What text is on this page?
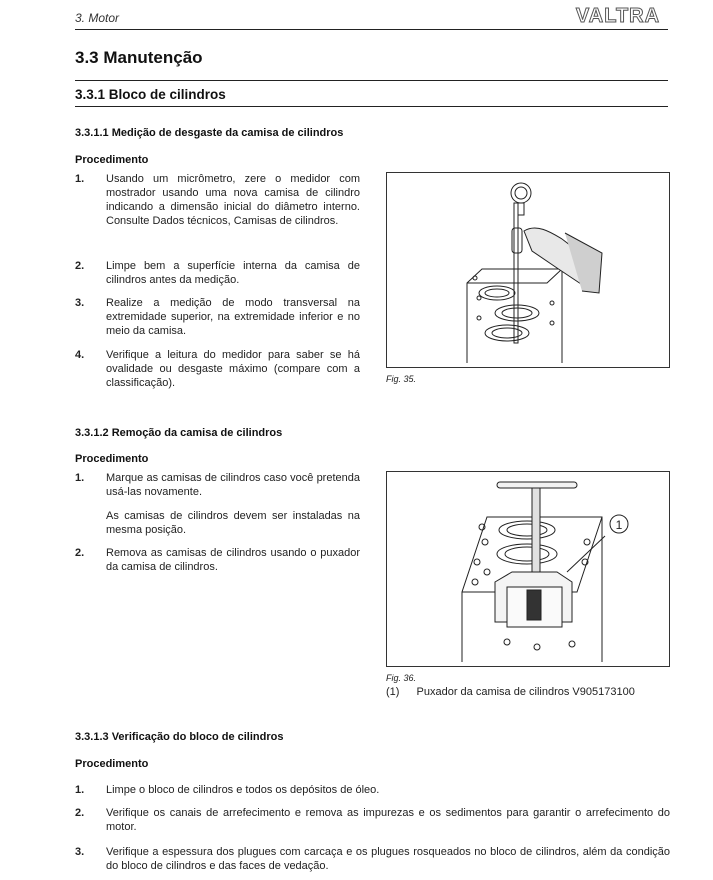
3. Motor	VALTRA
3.3 Manutenção
3.3.1 Bloco de cilindros
3.3.1.1 Medição de desgaste da camisa de cilindros
Procedimento
1. Usando um micrômetro, zere o medidor com mostrador usando uma nova camisa de cilindro indicando a dimensão inicial do diâmetro interno. Consulte Dados técnicos, Camisas de cilindros.
2. Limpe bem a superfície interna da camisa de cilindros antes da medição.
3. Realize a medição de modo transversal na extremidade superior, na extremidade inferior e no meio da camisa.
4. Verifique a leitura do medidor para saber se há ovalidade ou desgaste máximo (compare com a classificação).	Fig. 35.
3.3.1.2 Remoção da camisa de cilindros
Procedimento
1. Marque as camisas de cilindros caso você pretenda usá-las novamente.
As camisas de cilindros devem ser instaladas na mesma posição.
2. Remova as camisas de cilindros usando o puxador da camisa de cilindros.
1
Fig. 36.
(1) Puxador da camisa de cilindros V905173100
3.3.1.3 Verificação do bloco de cilindros
Procedimento
1. Limpe o bloco de cilindros e todos os depósitos de óleo.
2. Verifique os canais de arrefecimento e remova as impurezas e os sedimentos para garantir o arrefecimento do motor.
3. Verifique a espessura dos plugues com carcaça e os plugues rosqueados no bloco de cilindros, além da condição do bloco de cilindros e das faces de vedação.
